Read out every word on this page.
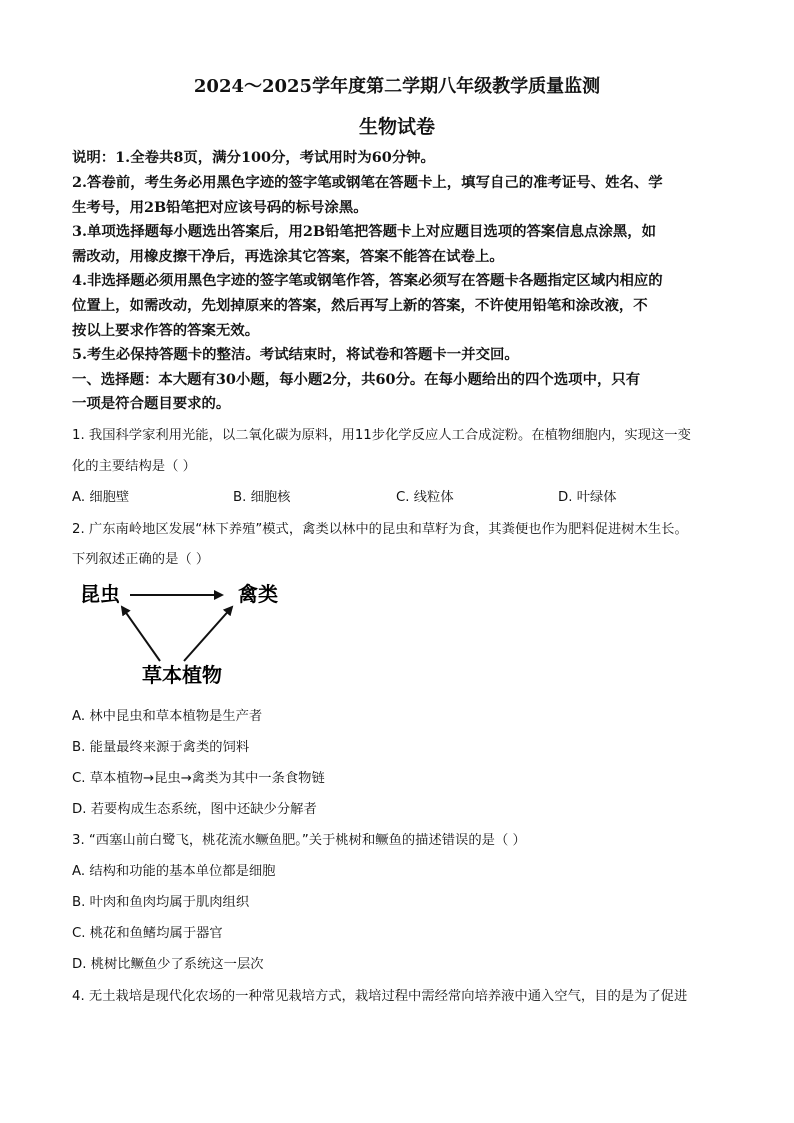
2024～2025学年度第二学期八年级教学质量监测
生物试卷
说明：1.全卷共8页，满分100分，考试用时为60分钟。
2.答卷前，考生务必用黑色字迹的签字笔或钢笔在答题卡上，填写自己的准考证号、姓名、学
生考号，用2B铅笔把对应该号码的标号涂黑。
3.单项选择题每小题选出答案后，用2B铅笔把答题卡上对应题目选项的答案信息点涂黑，如
需改动，用橡皮擦干净后，再选涂其它答案，答案不能答在试卷上。
4.非选择题必须用黑色字迹的签字笔或钢笔作答，答案必须写在答题卡各题指定区域内相应的
位置上，如需改动，先划掉原来的答案，然后再写上新的答案，不许使用铅笔和涂改液，不
按以上要求作答的答案无效。
5.考生必保持答题卡的整洁。考试结束时，将试卷和答题卡一并交回。
一、选择题：本大题有30小题，每小题2分，共60分。在每小题给出的四个选项中，只有
一项是符合题目要求的。
1. 我国科学家利用光能，以二氧化碳为原料，用11步化学反应人工合成淀粉。在植物细胞内，实现这一变
化的主要结构是（ ）
A. 细胞壁	B. 细胞核	C. 线粒体	D. 叶绿体
2. 广东南岭地区发展“林下养殖”模式，禽类以林中的昆虫和草籽为食，其粪便也作为肥料促进树木生长。
下列叙述正确的是（ ）
昆虫	禽类
草本植物
A. 林中昆虫和草本植物是生产者
B. 能量最终来源于禽类的饲料
C. 草本植物→昆虫→禽类为其中一条食物链
D. 若要构成生态系统，图中还缺少分解者
3. “西塞山前白鹭飞，桃花流水鳜鱼肥。”关于桃树和鳜鱼的描述错误的是（ ）
A. 结构和功能的基本单位都是细胞
B. 叶肉和鱼肉均属于肌肉组织
C. 桃花和鱼鳍均属于器官
D. 桃树比鳜鱼少了系统这一层次
4. 无土栽培是现代化农场的一种常见栽培方式，栽培过程中需经常向培养液中通入空气，目的是为了促进
